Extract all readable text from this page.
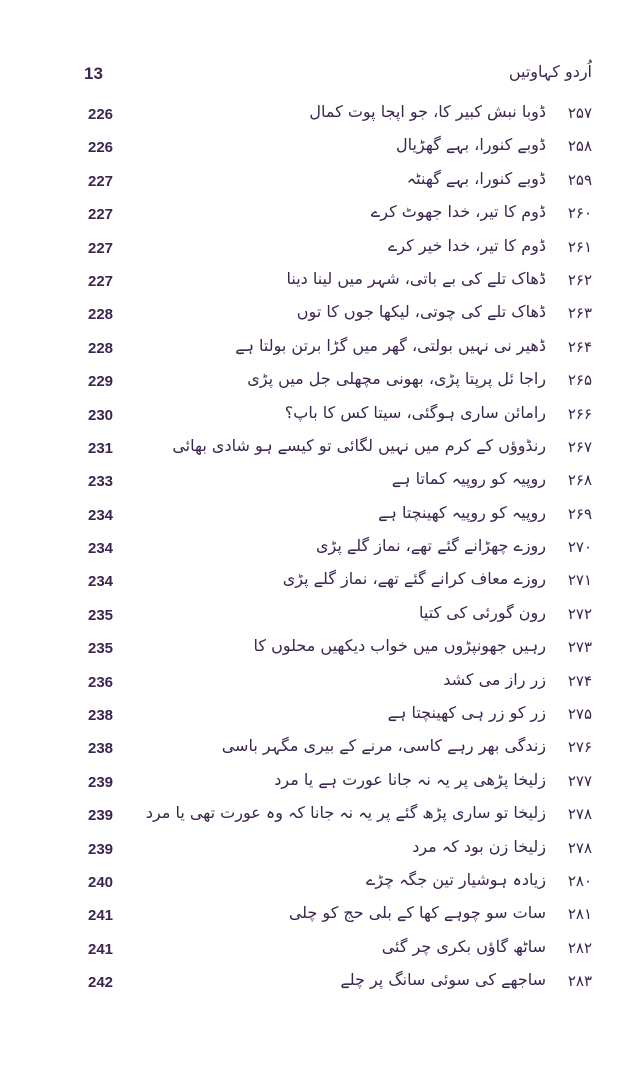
13	اُردو کہاوتیں
226	ڈوبا نبش کبیر کا، جو اپجا پوت کمال ۲۵۷
226	ڈوبے کنورا، بہے گھڑیال ۲۵۸
227	ڈوبے کنورا، بہے گھنٹہ ۲۵۹
227	ڈوم کا تیر، خدا جھوٹ کرے ۲۶۰
227	ڈوم کا تیر، خدا خیر کرے ۲۶۱
227	ڈھاک تلے کی بے باتی، شہر میں لینا دینا ۲۶۲
228	ڈھاک تلے کی چوتی، لیکھا جوں کا توں ۲۶۳
228	ڈھیر نی نہیں بولتی، گھر میں گڑا برتن بولتا ہے ۲۶۴
229	راجا ئل پرپتا پڑی، بھونی مچھلی جل میں پڑی ۲۶۵
230	رامائن ساری ہوگئی، سیتا کس کا باپ؟ ۲۶۶
231	رنڈوؤں کے کرم میں نہیں لگائی تو کیسے ہو شادی بھائی ۲۶۷
233	روپیہ کو روپیہ کماتا ہے ۲۶۸
234	روپیہ کو روپیہ کھینچتا ہے ۲۶۹
234	روزے چھڑانے گئے تھے، نماز گلے پڑی ۲۷۰
234	روزے معاف کرانے گئے تھے، نماز گلے پڑی ۲۷۱
235	رون گورئی کی کتیا ۲۷۲
235	رہیں جھونپڑوں میں خواب دیکھیں محلوں کا ۲۷۳
236	زر راز می کشد ۲۷۴
238	زر کو زر ہی کھینچتا ہے ۲۷۵
238	زندگی بھر رہے کاسی، مرنے کے بیری مگہر باسی ۲۷۶
239	زلیخا پڑھی پر یہ نہ جانا عورت ہے یا مرد ۲۷۷
239 زلیخا تو ساری پڑھ گئے پر یہ نہ جانا کہ وہ عورت تھی یا مرد ۲۷۸
239	زلیخا زن بود کہ مرد ۲۷۸
240	زیادہ ہوشیار تین جگہ چڑے ۲۸۰
241	سات سو چوہے کھا کے بلی حج کو چلی ۲۸۱
241	ساٹھ گاؤں بکری چر گئی ۲۸۲
242	ساجھے کی سوئی سانگ پر چلے ۲۸۳
